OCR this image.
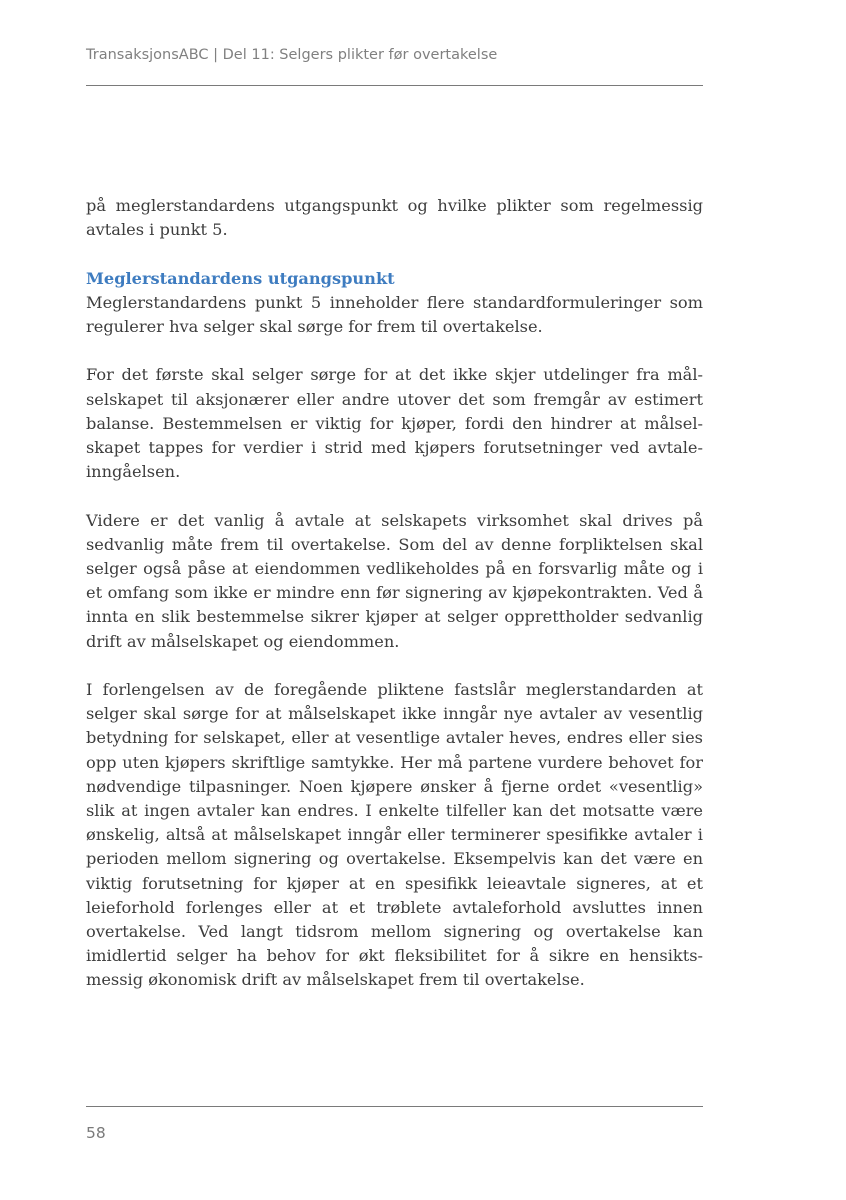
TransaksjonsABC | Del 11: Selgers plikter før overtakelse

på meglerstandardens utgangspunkt og hvilke plikter som regelmessig avtales i punkt 5.

Meglerstandardens utgangspunkt

Meglerstandardens punkt 5 inneholder flere standardformuleringer som regulerer hva selger skal sørge for frem til overtakelse.

For det første skal selger sørge for at det ikke skjer utdelinger fra målselskapet til aksjonærer eller andre utover det som fremgår av estimert balanse. Bestemmelsen er viktig for kjøper, fordi den hindrer at målselskapet tappes for verdier i strid med kjøpers forutsetninger ved avtaleinngåelsen.

Videre er det vanlig å avtale at selskapets virksomhet skal drives på sedvanlig måte frem til overtakelse. Som del av denne forpliktelsen skal selger også påse at eiendommen vedlikeholdes på en forsvarlig måte og i et omfang som ikke er mindre enn før signering av kjøpekontrakten. Ved å innta en slik bestemmelse sikrer kjøper at selger opprettholder sedvanlig drift av målselskapet og eiendommen.

I forlengelsen av de foregående pliktene fastslår meglerstandarden at selger skal sørge for at målselskapet ikke inngår nye avtaler av vesentlig betydning for selskapet, eller at vesentlige avtaler heves, endres eller sies opp uten kjøpers skriftlige samtykke. Her må partene vurdere behovet for nødvendige tilpasninger. Noen kjøpere ønsker å fjerne ordet «vesentlig» slik at ingen avtaler kan endres. I enkelte tilfeller kan det motsatte være ønskelig, altså at målselskapet inngår eller terminerer spesifikke avtaler i perioden mellom signering og overtakelse. Eksempelvis kan det være en viktig forutsetning for kjøper at en spesifikk leieavtale signeres, at et leieforhold forlenges eller at et trøblete avtaleforhold avsluttes innen overtakelse. Ved langt tidsrom mellom signering og overtakelse kan imidlertid selger ha behov for økt fleksibilitet for å sikre en hensiktsmessig økonomisk drift av målselskapet frem til overtakelse.

58
